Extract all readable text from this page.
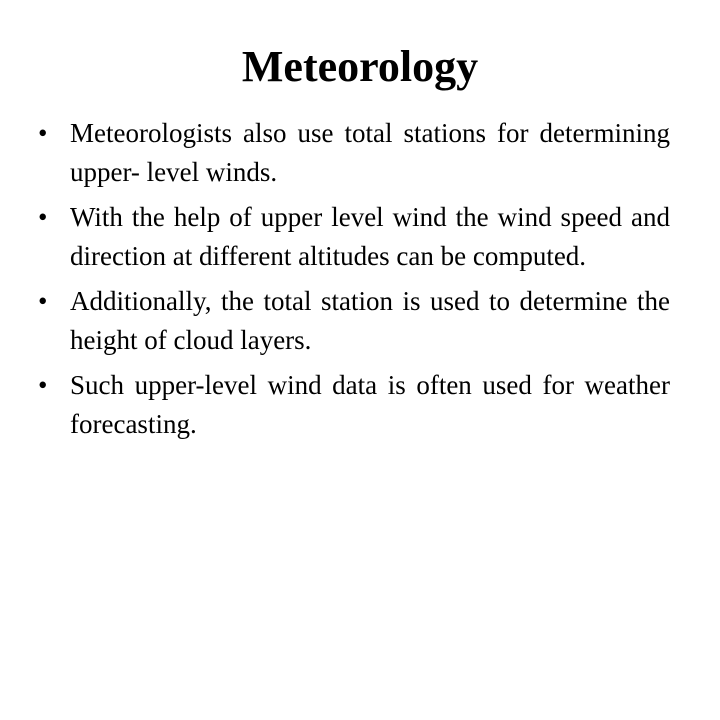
Meteorology
• Meteorologists also use total stations for determining upper- level winds.
• With the help of upper level wind the wind speed and direction at different altitudes can be computed.
• Additionally, the total station is used to determine the height of cloud layers.
• Such upper-level wind data is often used for weather forecasting.
